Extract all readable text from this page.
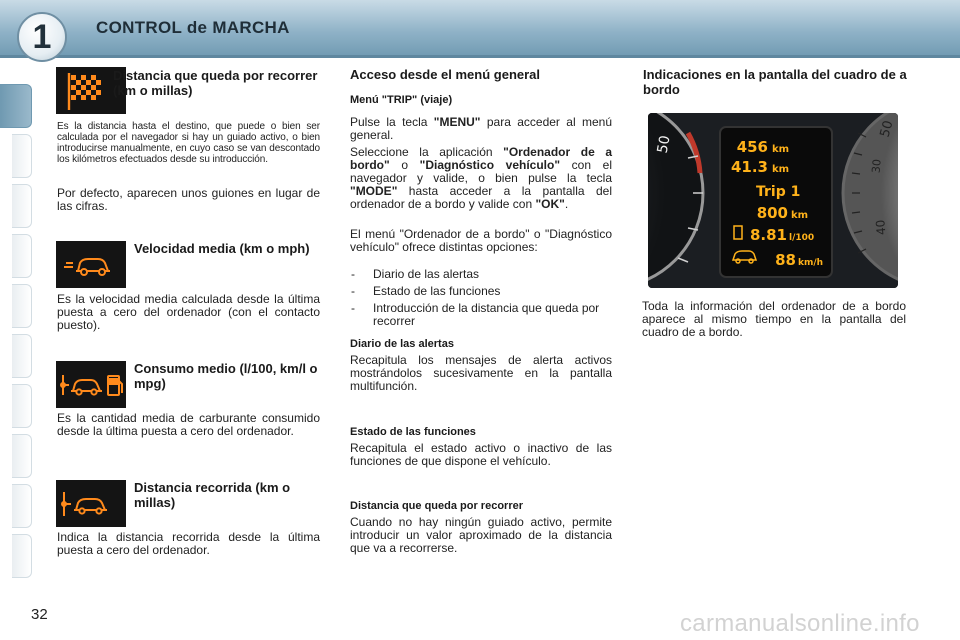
1	CONTROL de MARCHA
Distancia que queda por recorrer (km o millas)
Es la distancia hasta el destino, que puede o bien ser calculada por el navegador si hay un guiado activo, o bien introducirse manualmente, en cuyo caso se van descontado los kilómetros efectuados desde su introducción.
Por defecto, aparecen unos guiones en lugar de las cifras.
Velocidad media (km o mph)
Es la velocidad media calculada desde la última puesta a cero del ordenador (con el contacto puesto).
Consumo medio (l/100, km/l o mpg)
Es la cantidad media de carburante consumido desde la última puesta a cero del ordenador.
Distancia recorrida (km o millas)
Indica la distancia recorrida desde la última puesta a cero del ordenador.
Acceso desde el menú general
Menú "TRIP" (viaje)
Pulse la tecla "MENU" para acceder al menú general.
Seleccione la aplicación "Ordenador de a bordo" o "Diagnóstico vehículo" con el navegador y valide, o bien pulse la tecla "MODE" hasta acceder a la pantalla del ordenador de a bordo y valide con "OK".
El menú "Ordenador de a bordo" o "Diagnóstico vehículo" ofrece distintas opciones:
- Diario de las alertas
- Estado de las funciones
- Introducción de la distancia que queda por recorrer
Diario de las alertas
Recapitula los mensajes de alerta activos mostrándolos sucesivamente en la pantalla multifunción.
Estado de las funciones
Recapitula el estado activo o inactivo de las funciones de que dispone el vehículo.
Distancia que queda por recorrer
Cuando no hay ningún guiado activo, permite introducir un valor aproximado de la distancia que va a recorrerse.
Indicaciones en la pantalla del cuadro de a bordo
50
50
30
40
456 km
41.3 km
Trip 1
800 km
8.81 l/100
88 km/h
Toda la información del ordenador de a bordo aparece al mismo tiempo en la pantalla del cuadro de a bordo.
32	carmanualsonline.info
